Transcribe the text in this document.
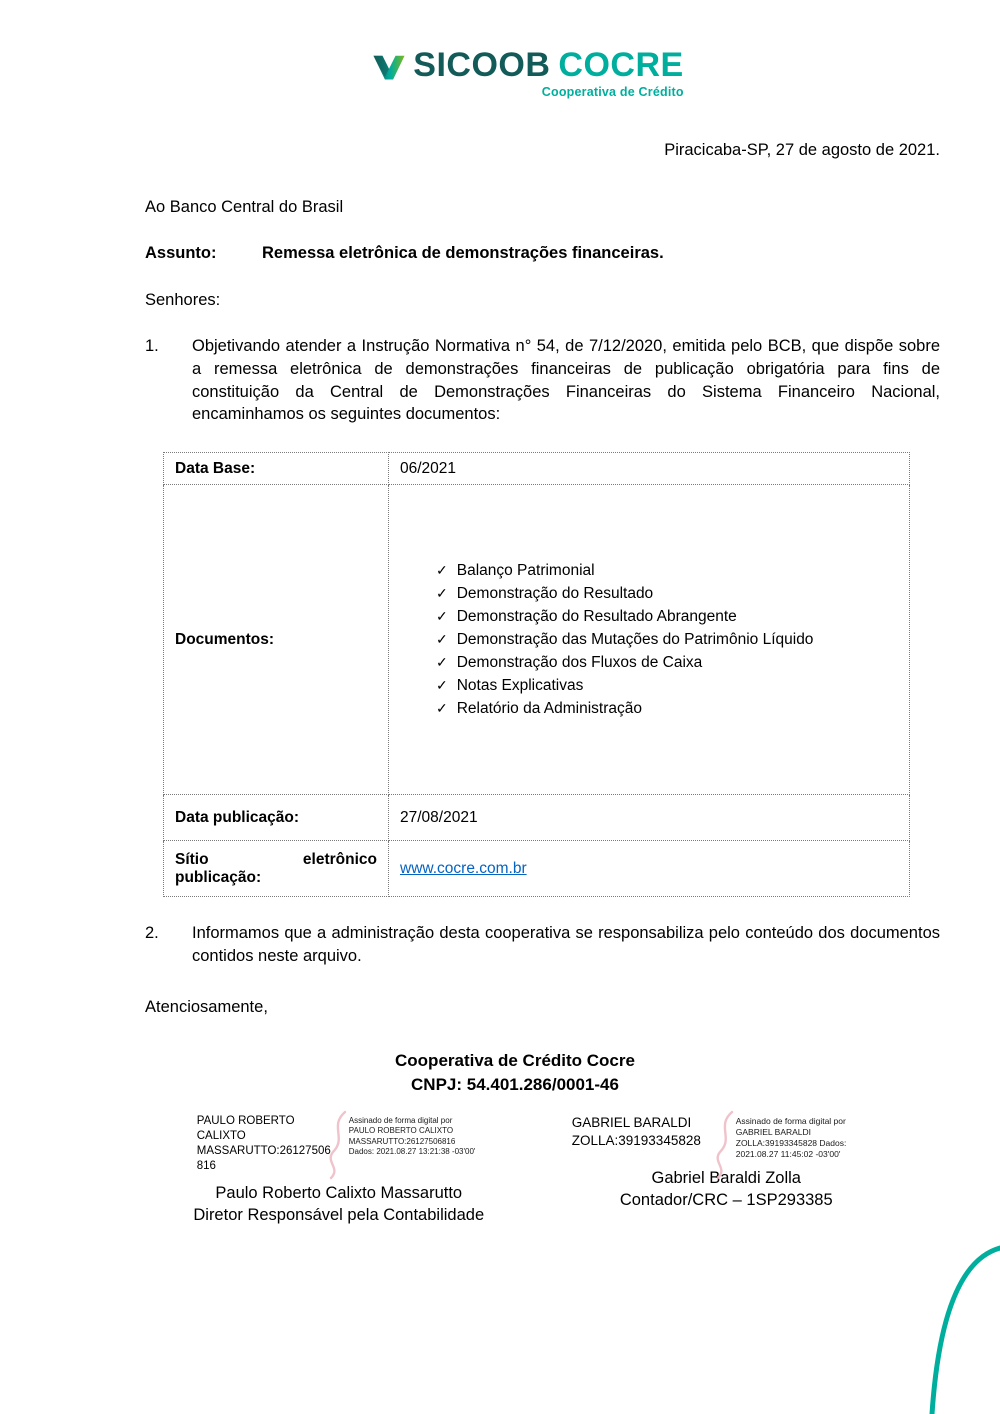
SICOOB COCRE
Cooperativa de Crédito
Piracicaba-SP, 27 de agosto de 2021.
Ao Banco Central do Brasil
Assunto:	Remessa eletrônica de demonstrações financeiras.
Senhores:
1.	Objetivando atender a Instrução Normativa n° 54, de 7/12/2020, emitida pelo BCB, que dispõe sobre a remessa eletrônica de demonstrações financeiras de publicação obrigatória para fins de constituição da Central de Demonstrações Financeiras do Sistema Financeiro Nacional, encaminhamos os seguintes documentos:
Data Base:	06/2021
Documentos:	
✓ Balanço Patrimonial
✓ Demonstração do Resultado
✓ Demonstração do Resultado Abrangente
✓ Demonstração das Mutações do Patrimônio Líquido
✓ Demonstração dos Fluxos de Caixa
✓ Notas Explicativas
✓ Relatório da Administração

Data publicação:	27/08/2021

Sítio eletrônico
publicação:	www.cocre.com.br
2.	Informamos que a administração desta cooperativa se responsabiliza pelo conteúdo dos documentos contidos neste arquivo.
Atenciosamente,
Cooperativa de Crédito Cocre
CNPJ: 54.401.286/0001-46
PAULO ROBERTO CALIXTO MASSARUTTO:26127506816
Assinado de forma digital por PAULO ROBERTO CALIXTO MASSARUTTO:26127506816 Dados: 2021.08.27 13:21:38 -03'00'
Paulo Roberto Calixto Massarutto
Diretor Responsável pela Contabilidade
GABRIEL BARALDI ZOLLA:39193345828
Assinado de forma digital por GABRIEL BARALDI ZOLLA:39193345828 Dados: 2021.08.27 11:45:02 -03'00'
Gabriel Baraldi Zolla
Contador/CRC – 1SP293385
